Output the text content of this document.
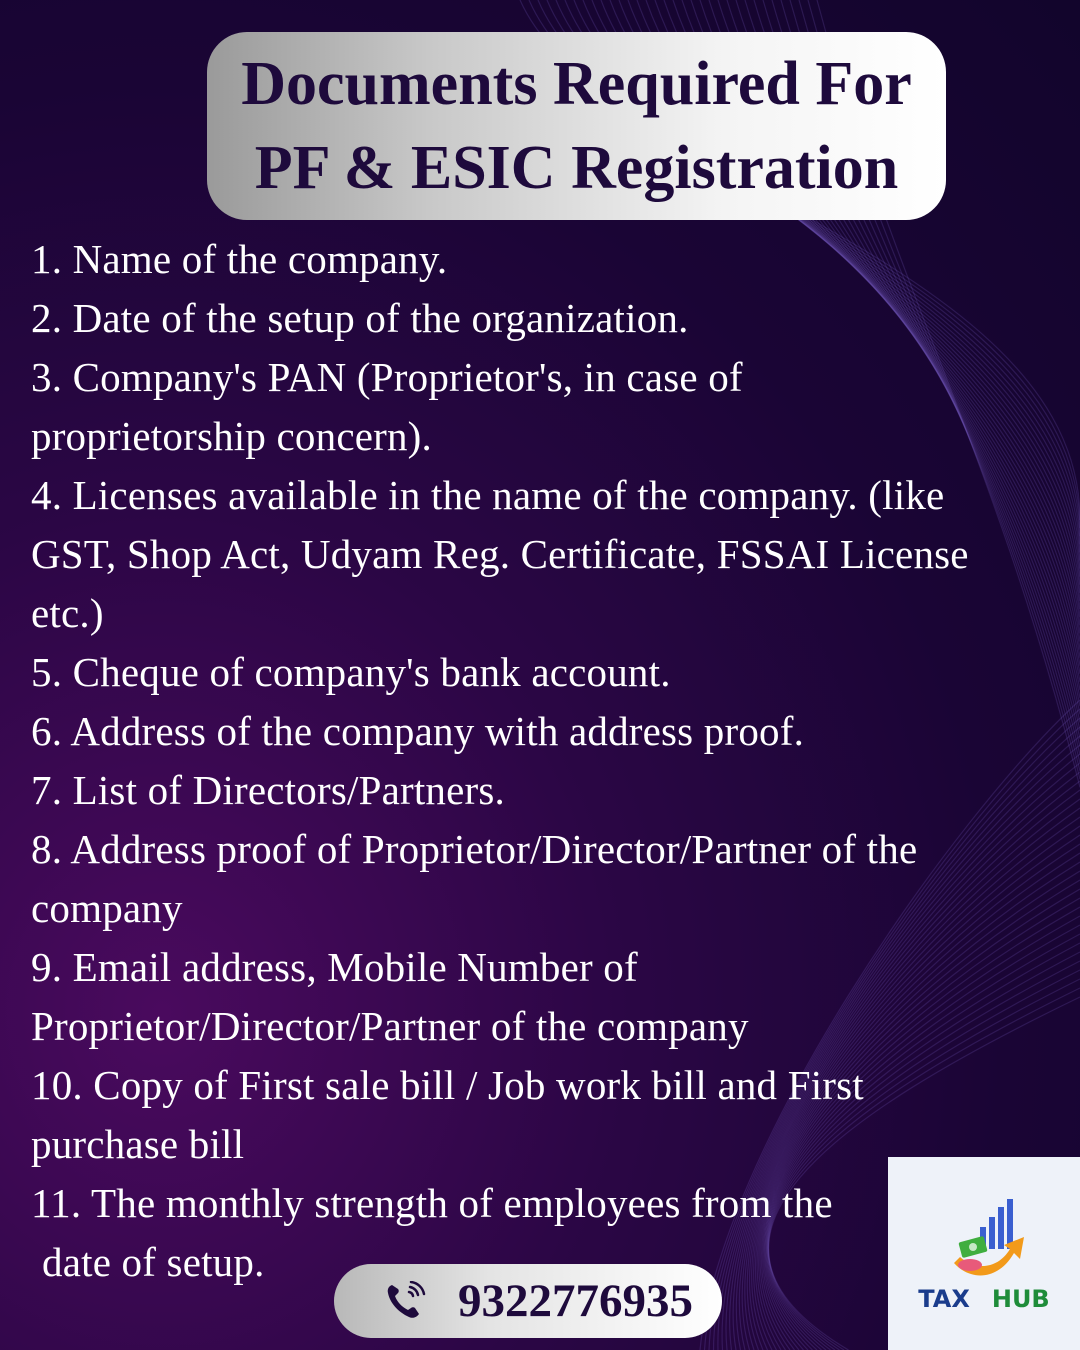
Documents Required For
PF & ESIC Registration

1. Name of the company.

2. Date of the setup of the organization.

3. Company's PAN (Proprietor's, in case of

proprietorship concern).

4. Licenses available in the name of the company. (like

GST, Shop Act, Udyam Reg. Certificate, FSSAI License

etc.)

5. Cheque of company's bank account.

6. Address of the company with address proof.

7. List of Directors/Partners.

8. Address proof of Proprietor/Director/Partner of the

company

9. Email address, Mobile Number of

Proprietor/Director/Partner of the company

10. Copy of First sale bill / Job work bill and First

purchase bill

11. The monthly strength of employees from the

date of setup.

9322776935	TAX HUB
